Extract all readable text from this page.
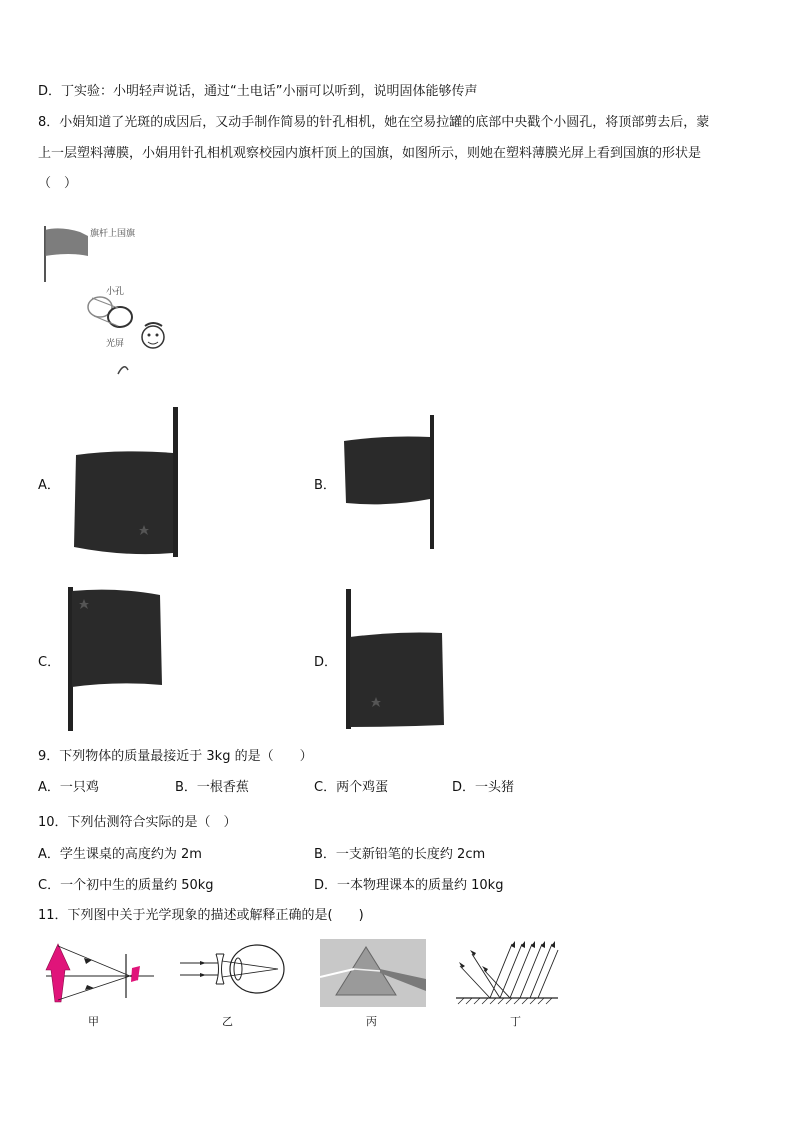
D．丁实验：小明轻声说话，通过“土电话”小丽可以听到，说明固体能够传声
8．小娟知道了光斑的成因后，又动手制作简易的针孔相机，她在空易拉罐的底部中央戳个小圆孔，将顶部剪去后，蒙
上一层塑料薄膜，小娟用针孔相机观察校园内旗杆顶上的国旗，如图所示，则她在塑料薄膜光屏上看到国旗的形状是
（　）
旗杆上国旗
小孔
光屏
A．	B．
C．	D．
9．下列物体的质量最接近于 3kg 的是（　　）
A．一只鸡	B．一根香蕉	C．两个鸡蛋	D．一头猪
10．下列估测符合实际的是（　）
A．学生课桌的高度约为 2m	B．一支新铅笔的长度约 2cm
C．一个初中生的质量约 50kg	D．一本物理课本的质量约 10kg
11．下列图中关于光学现象的描述或解释正确的是(　　)
甲	乙	丙	丁
